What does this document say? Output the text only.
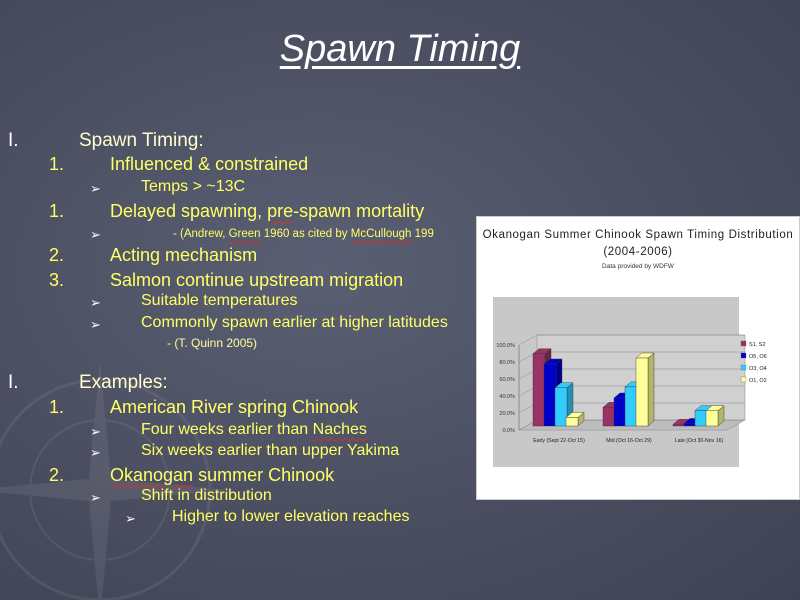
Spawn Timing
I.	Spawn Timing:
1.	Influenced & constrained
➢	Temps > ~13C
1.	Delayed spawning, pre-spawn mortality
➢	- (Andrew, Green 1960 as cited by McCullough 199
2.	Acting mechanism
3.	Salmon continue upstream migration
➢	Suitable temperatures
➢	Commonly spawn earlier at higher latitudes
- (T. Quinn 2005)
I.	Examples:
1.	American River spring Chinook
➢	Four weeks earlier than Naches
➢	Six weeks earlier than upper Yakima
2.	Okanogan summer Chinook
➢	Shift in distribution
➢ Higher to lower elevation reaches
Okanogan Summer Chinook Spawn Timing Distribution (2004-2006)
Data provided by WDFW
0.0%
20.0%
40.0%
60.0%
80.0%
100.0%
Early (Sept 22-Oct 15)	Mid (Oct 16-Oct 29)	Late (Oct 30-Nov 16)
S1, S2
O5, O6
O3, O4
O1, O2
